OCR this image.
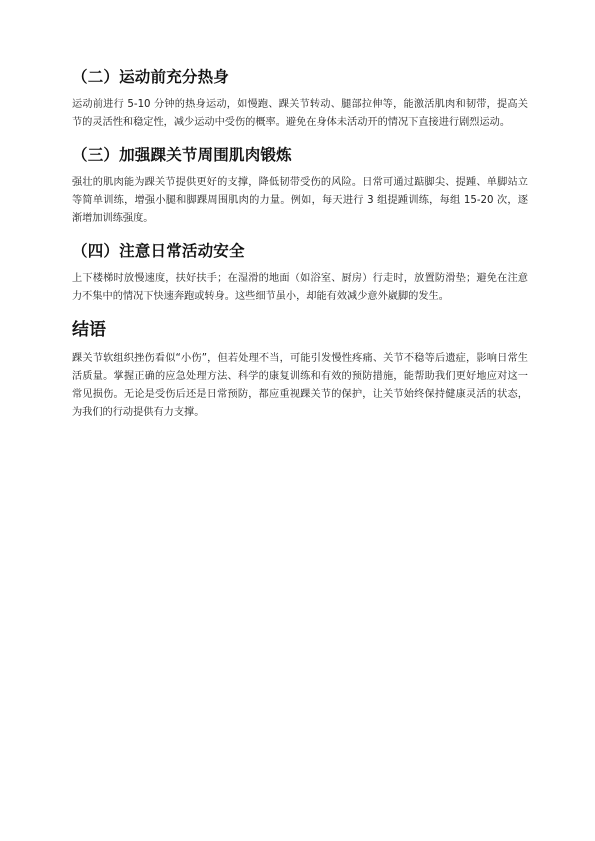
（二）运动前充分热身

运动前进行 5-10 分钟的热身运动，如慢跑、踝关节转动、腿部拉伸等，能激活肌肉和韧带，提高关节的灵活性和稳定性，减少运动中受伤的概率。避免在身体未活动开的情况下直接进行剧烈运动。

（三）加强踝关节周围肌肉锻炼

强壮的肌肉能为踝关节提供更好的支撑，降低韧带受伤的风险。日常可通过踮脚尖、提踵、单脚站立等简单训练，增强小腿和脚踝周围肌肉的力量。例如，每天进行 3 组提踵训练，每组 15-20 次，逐渐增加训练强度。

（四）注意日常活动安全

上下楼梯时放慢速度，扶好扶手；在湿滑的地面（如浴室、厨房）行走时，放置防滑垫；避免在注意力不集中的情况下快速奔跑或转身。这些细节虽小，却能有效减少意外崴脚的发生。

结语

踝关节软组织挫伤看似“小伤”，但若处理不当，可能引发慢性疼痛、关节不稳等后遗症，影响日常生活质量。掌握正确的应急处理方法、科学的康复训练和有效的预防措施，能帮助我们更好地应对这一常见损伤。无论是受伤后还是日常预防，都应重视踝关节的保护，让关节始终保持健康灵活的状态，为我们的行动提供有力支撑。
